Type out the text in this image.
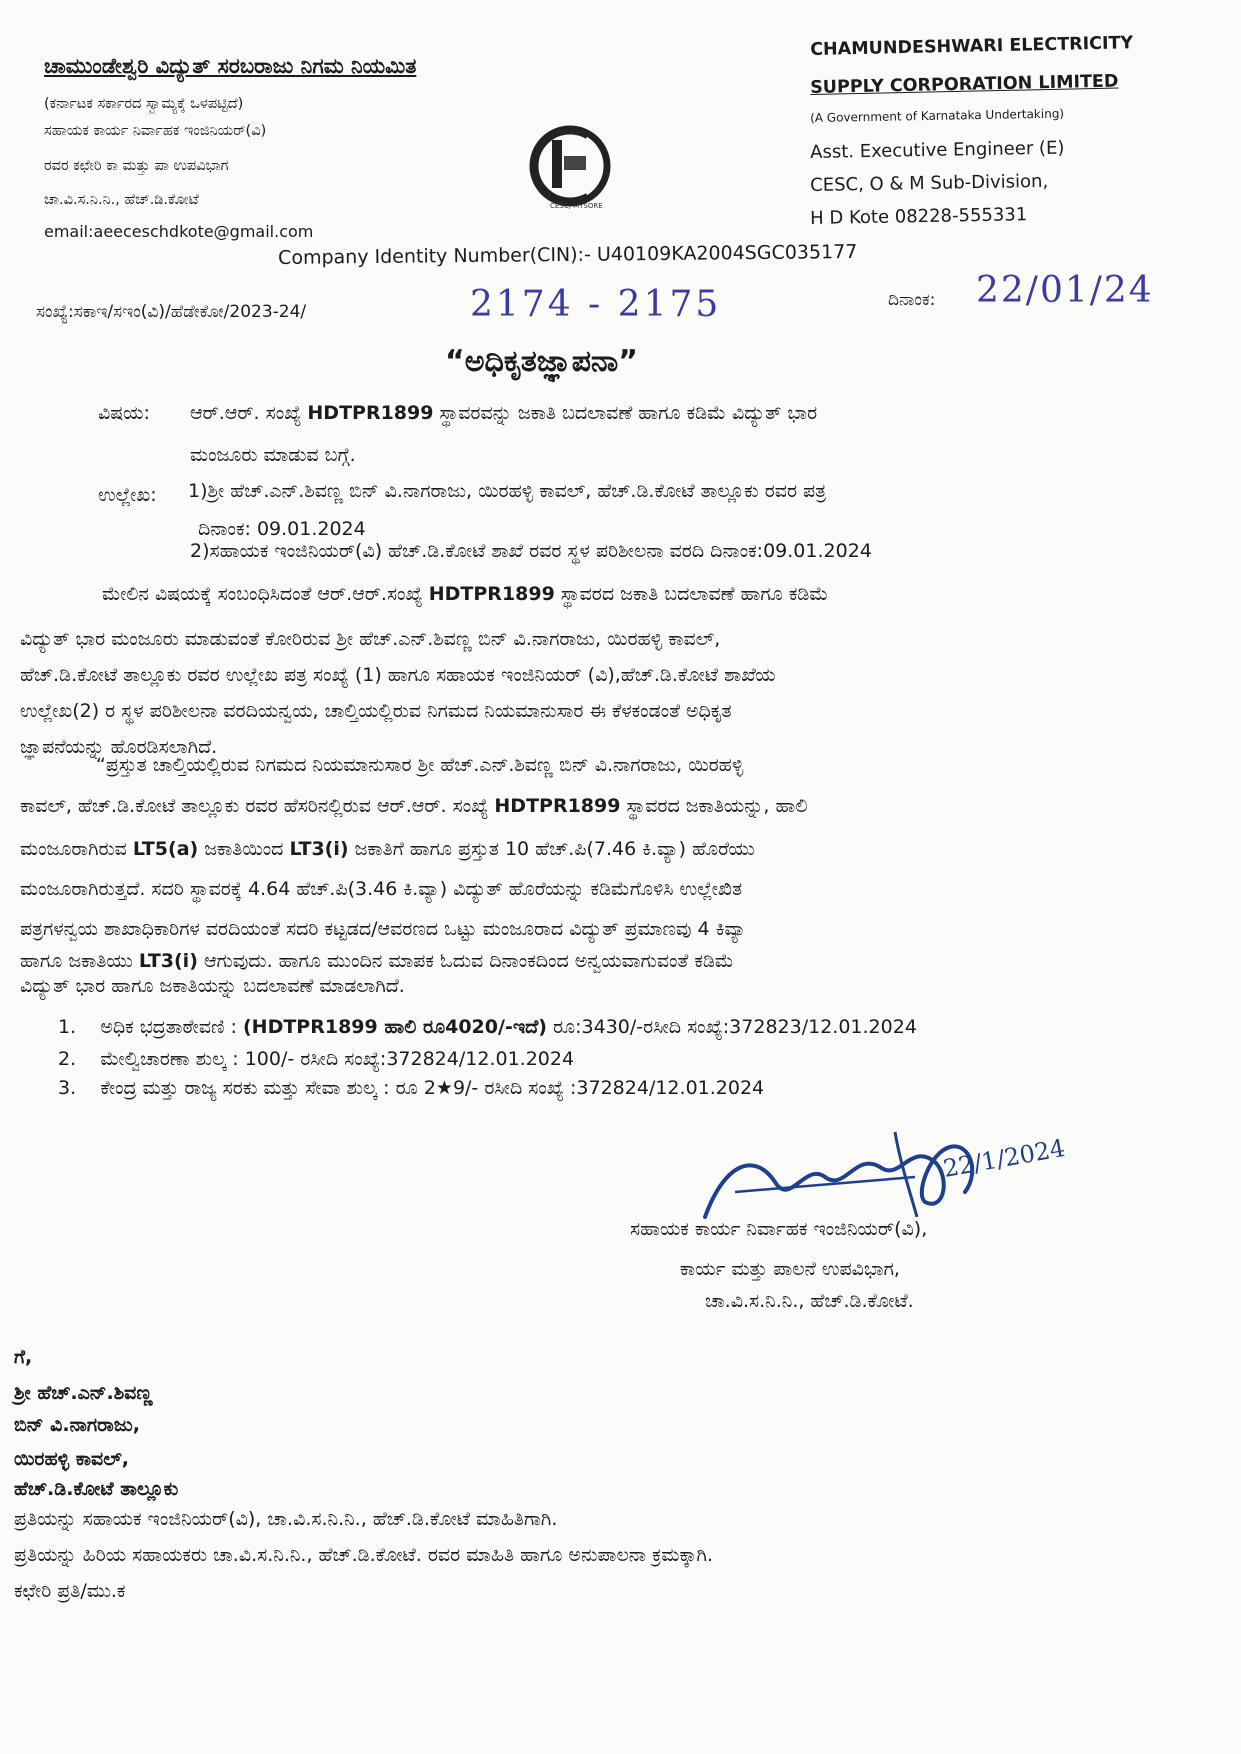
ಚಾಮುಂಡೇಶ್ವರಿ ವಿದ್ಯುತ್ ಸರಬರಾಜು ನಿಗಮ ನಿಯಮಿತ
(ಕರ್ನಾಟಕ ಸರ್ಕಾರದ ಸ್ವಾಮ್ಯಕ್ಕೆ ಒಳಪಟ್ಟಿದೆ)
ಸಹಾಯಕ ಕಾರ್ಯ ನಿರ್ವಾಹಕ ಇಂಜಿನಿಯರ್(ವಿ)
ರವರ ಕಛೇರಿ ಕಾ ಮತ್ತು ಪಾ ಉಪವಿಭಾಗ
ಚಾ.ವಿ.ಸ.ನಿ.ನಿ., ಹೆಚ್.ಡಿ.ಕೋಟೆ
email:aeeceschdkote@gmail.com
CESC, MYSORE
ಚಾವಿಸನಿನಿ
CHAMUNDESHWARI ELECTRICITY
SUPPLY CORPORATION LIMITED
(A Government of Karnataka Undertaking)
Asst. Executive Engineer (E)
CESC, O & M Sub-Division,
H D Kote 08228-555331
Company Identity Number(CIN):- U40109KA2004SGC035177
ಸಂಖ್ಯೆ:ಸಕಾಇ/ಸಇಂ(ವಿ)/ಹೆಡೇಕೋ/2023-24/	2174 - 2175	ದಿನಾಂಕ: 22/01/24
“ಅಧಿಕೃತಜ್ಞಾಪನಾ”
ವಿಷಯ: ಆರ್.ಆರ್. ಸಂಖ್ಯೆ HDTPR1899 ಸ್ಥಾವರವನ್ನು ಜಕಾತಿ ಬದಲಾವಣೆ ಹಾಗೂ ಕಡಿಮೆ ವಿದ್ಯುತ್ ಭಾರ
ಮಂಜೂರು ಮಾಡುವ ಬಗ್ಗೆ.
ಉಲ್ಲೇಖ: 1)ಶ್ರೀ ಹೆಚ್.ಎನ್.ಶಿವಣ್ಣ ಬಿನ್ ವಿ.ನಾಗರಾಜು, ಯಿರಹಳ್ಳಿ ಕಾವಲ್, ಹೆಚ್.ಡಿ.ಕೋಟೆ ತಾಲ್ಲೂಕು ರವರ ಪತ್ರ
ದಿನಾಂಕ: 09.01.2024
2)ಸಹಾಯಕ ಇಂಜಿನಿಯರ್(ವಿ) ಹೆಚ್.ಡಿ.ಕೋಟೆ ಶಾಖೆ ರವರ ಸ್ಥಳ ಪರಿಶೀಲನಾ ವರದಿ ದಿನಾಂಕ:09.01.2024
ಮೇಲಿನ ವಿಷಯಕ್ಕೆ ಸಂಬಂಧಿಸಿದಂತೆ ಆರ್.ಆರ್.ಸಂಖ್ಯೆ HDTPR1899 ಸ್ಥಾವರದ ಜಕಾತಿ ಬದಲಾವಣೆ ಹಾಗೂ ಕಡಿಮೆ
ವಿದ್ಯುತ್ ಭಾರ ಮಂಜೂರು ಮಾಡುವಂತೆ ಕೋರಿರುವ ಶ್ರೀ ಹೆಚ್.ಎನ್.ಶಿವಣ್ಣ ಬಿನ್ ವಿ.ನಾಗರಾಜು, ಯಿರಹಳ್ಳಿ ಕಾವಲ್,
ಹೆಚ್.ಡಿ.ಕೋಟೆ ತಾಲ್ಲೂಕು ರವರ ಉಲ್ಲೇಖ ಪತ್ರ ಸಂಖ್ಯೆ (1) ಹಾಗೂ ಸಹಾಯಕ ಇಂಜಿನಿಯರ್ (ವಿ),ಹೆಚ್.ಡಿ.ಕೋಟೆ ಶಾಖೆಯ
ಉಲ್ಲೇಖ(2) ರ ಸ್ಥಳ ಪರಿಶೀಲನಾ ವರದಿಯನ್ವಯ, ಚಾಲ್ತಿಯಲ್ಲಿರುವ ನಿಗಮದ ನಿಯಮಾನುಸಾರ ಈ ಕೆಳಕಂಡಂತೆ ಅಧಿಕೃತ
ಜ್ಞಾಪನೆಯನ್ನು ಹೊರಡಿಸಲಾಗಿದೆ.
“ಪ್ರಸ್ತುತ ಚಾಲ್ತಿಯಲ್ಲಿರುವ ನಿಗಮದ ನಿಯಮಾನುಸಾರ ಶ್ರೀ ಹೆಚ್.ಎನ್.ಶಿವಣ್ಣ ಬಿನ್ ವಿ.ನಾಗರಾಜು, ಯಿರಹಳ್ಳಿ
ಕಾವಲ್, ಹೆಚ್.ಡಿ.ಕೋಟೆ ತಾಲ್ಲೂಕು ರವರ ಹೆಸರಿನಲ್ಲಿರುವ ಆರ್.ಆರ್. ಸಂಖ್ಯೆ HDTPR1899 ಸ್ಥಾವರದ ಜಕಾತಿಯನ್ನು, ಹಾಲಿ
ಮಂಜೂರಾಗಿರುವ LT5(a) ಜಕಾತಿಯಿಂದ LT3(i) ಜಕಾತಿಗೆ ಹಾಗೂ ಪ್ರಸ್ತುತ 10 ಹೆಚ್.ಪಿ(7.46 ಕಿ.ವ್ಯಾ) ಹೊರೆಯು
ಮಂಜೂರಾಗಿರುತ್ತದೆ. ಸದರಿ ಸ್ಥಾವರಕ್ಕೆ 4.64 ಹೆಚ್.ಪಿ(3.46 ಕಿ.ವ್ಯಾ) ವಿದ್ಯುತ್ ಹೊರೆಯನ್ನು ಕಡಿಮೆಗೊಳಿಸಿ ಉಲ್ಲೇಖಿತ
ಪತ್ರಗಳನ್ವಯ ಶಾಖಾಧಿಕಾರಿಗಳ ವರದಿಯಂತೆ ಸದರಿ ಕಟ್ಟಡದ/ಆವರಣದ ಒಟ್ಟು ಮಂಜೂರಾದ ವಿದ್ಯುತ್ ಪ್ರಮಾಣವು 4 ಕಿವ್ಯಾ
ಹಾಗೂ ಜಕಾತಿಯು LT3(i) ಆಗುವುದು. ಹಾಗೂ ಮುಂದಿನ ಮಾಪಕ ಓದುವ ದಿನಾಂಕದಿಂದ ಅನ್ವಯವಾಗುವಂತೆ ಕಡಿಮೆ
ವಿದ್ಯುತ್ ಭಾರ ಹಾಗೂ ಜಕಾತಿಯನ್ನು ಬದಲಾವಣೆ ಮಾಡಲಾಗಿದೆ.
1. ಅಧಿಕ ಭದ್ರತಾಠೇವಣಿ : (HDTPR1899 ಹಾಲಿ ರೂ4020/-ಇದೆ) ರೂ:3430/-ರಸೀದಿ ಸಂಖ್ಯೆ:372823/12.01.2024
2. ಮೇಲ್ವಿಚಾರಣಾ ಶುಲ್ಕ : 100/- ರಸೀದಿ ಸಂಖ್ಯೆ:372824/12.01.2024
3. ಕೇಂದ್ರ ಮತ್ತು ರಾಜ್ಯ ಸರಕು ಮತ್ತು ಸೇವಾ ಶುಲ್ಕ : ರೂ 2★9/- ರಸೀದಿ ಸಂಖ್ಯೆ :372824/12.01.2024
22/1/2024
ಸಹಾಯಕ ಕಾರ್ಯ ನಿರ್ವಾಹಕ ಇಂಜಿನಿಯರ್(ವಿ),
ಕಾರ್ಯ ಮತ್ತು ಪಾಲನೆ ಉಪವಿಭಾಗ,
ಚಾ.ವಿ.ಸ.ನಿ.ನಿ., ಹೆಚ್.ಡಿ.ಕೋಟೆ.
ಗೆ,
ಶ್ರೀ ಹೆಚ್.ಎನ್.ಶಿವಣ್ಣ
ಬಿನ್ ವಿ.ನಾಗರಾಜು,
ಯಿರಹಳ್ಳಿ ಕಾವಲ್,
ಹೆಚ್.ಡಿ.ಕೋಟೆ ತಾಲ್ಲೂಕು
ಪ್ರತಿಯನ್ನು ಸಹಾಯಕ ಇಂಜಿನಿಯರ್(ವಿ), ಚಾ.ವಿ.ಸ.ನಿ.ನಿ., ಹೆಚ್.ಡಿ.ಕೋಟೆ ಮಾಹಿತಿಗಾಗಿ.
ಪ್ರತಿಯನ್ನು ಹಿರಿಯ ಸಹಾಯಕರು ಚಾ.ವಿ.ಸ.ನಿ.ನಿ., ಹೆಚ್.ಡಿ.ಕೋಟೆ. ರವರ ಮಾಹಿತಿ ಹಾಗೂ ಅನುಪಾಲನಾ ಕ್ರಮಕ್ಕಾಗಿ.
ಕಛೇರಿ ಪ್ರತಿ/ಮು.ಕ
